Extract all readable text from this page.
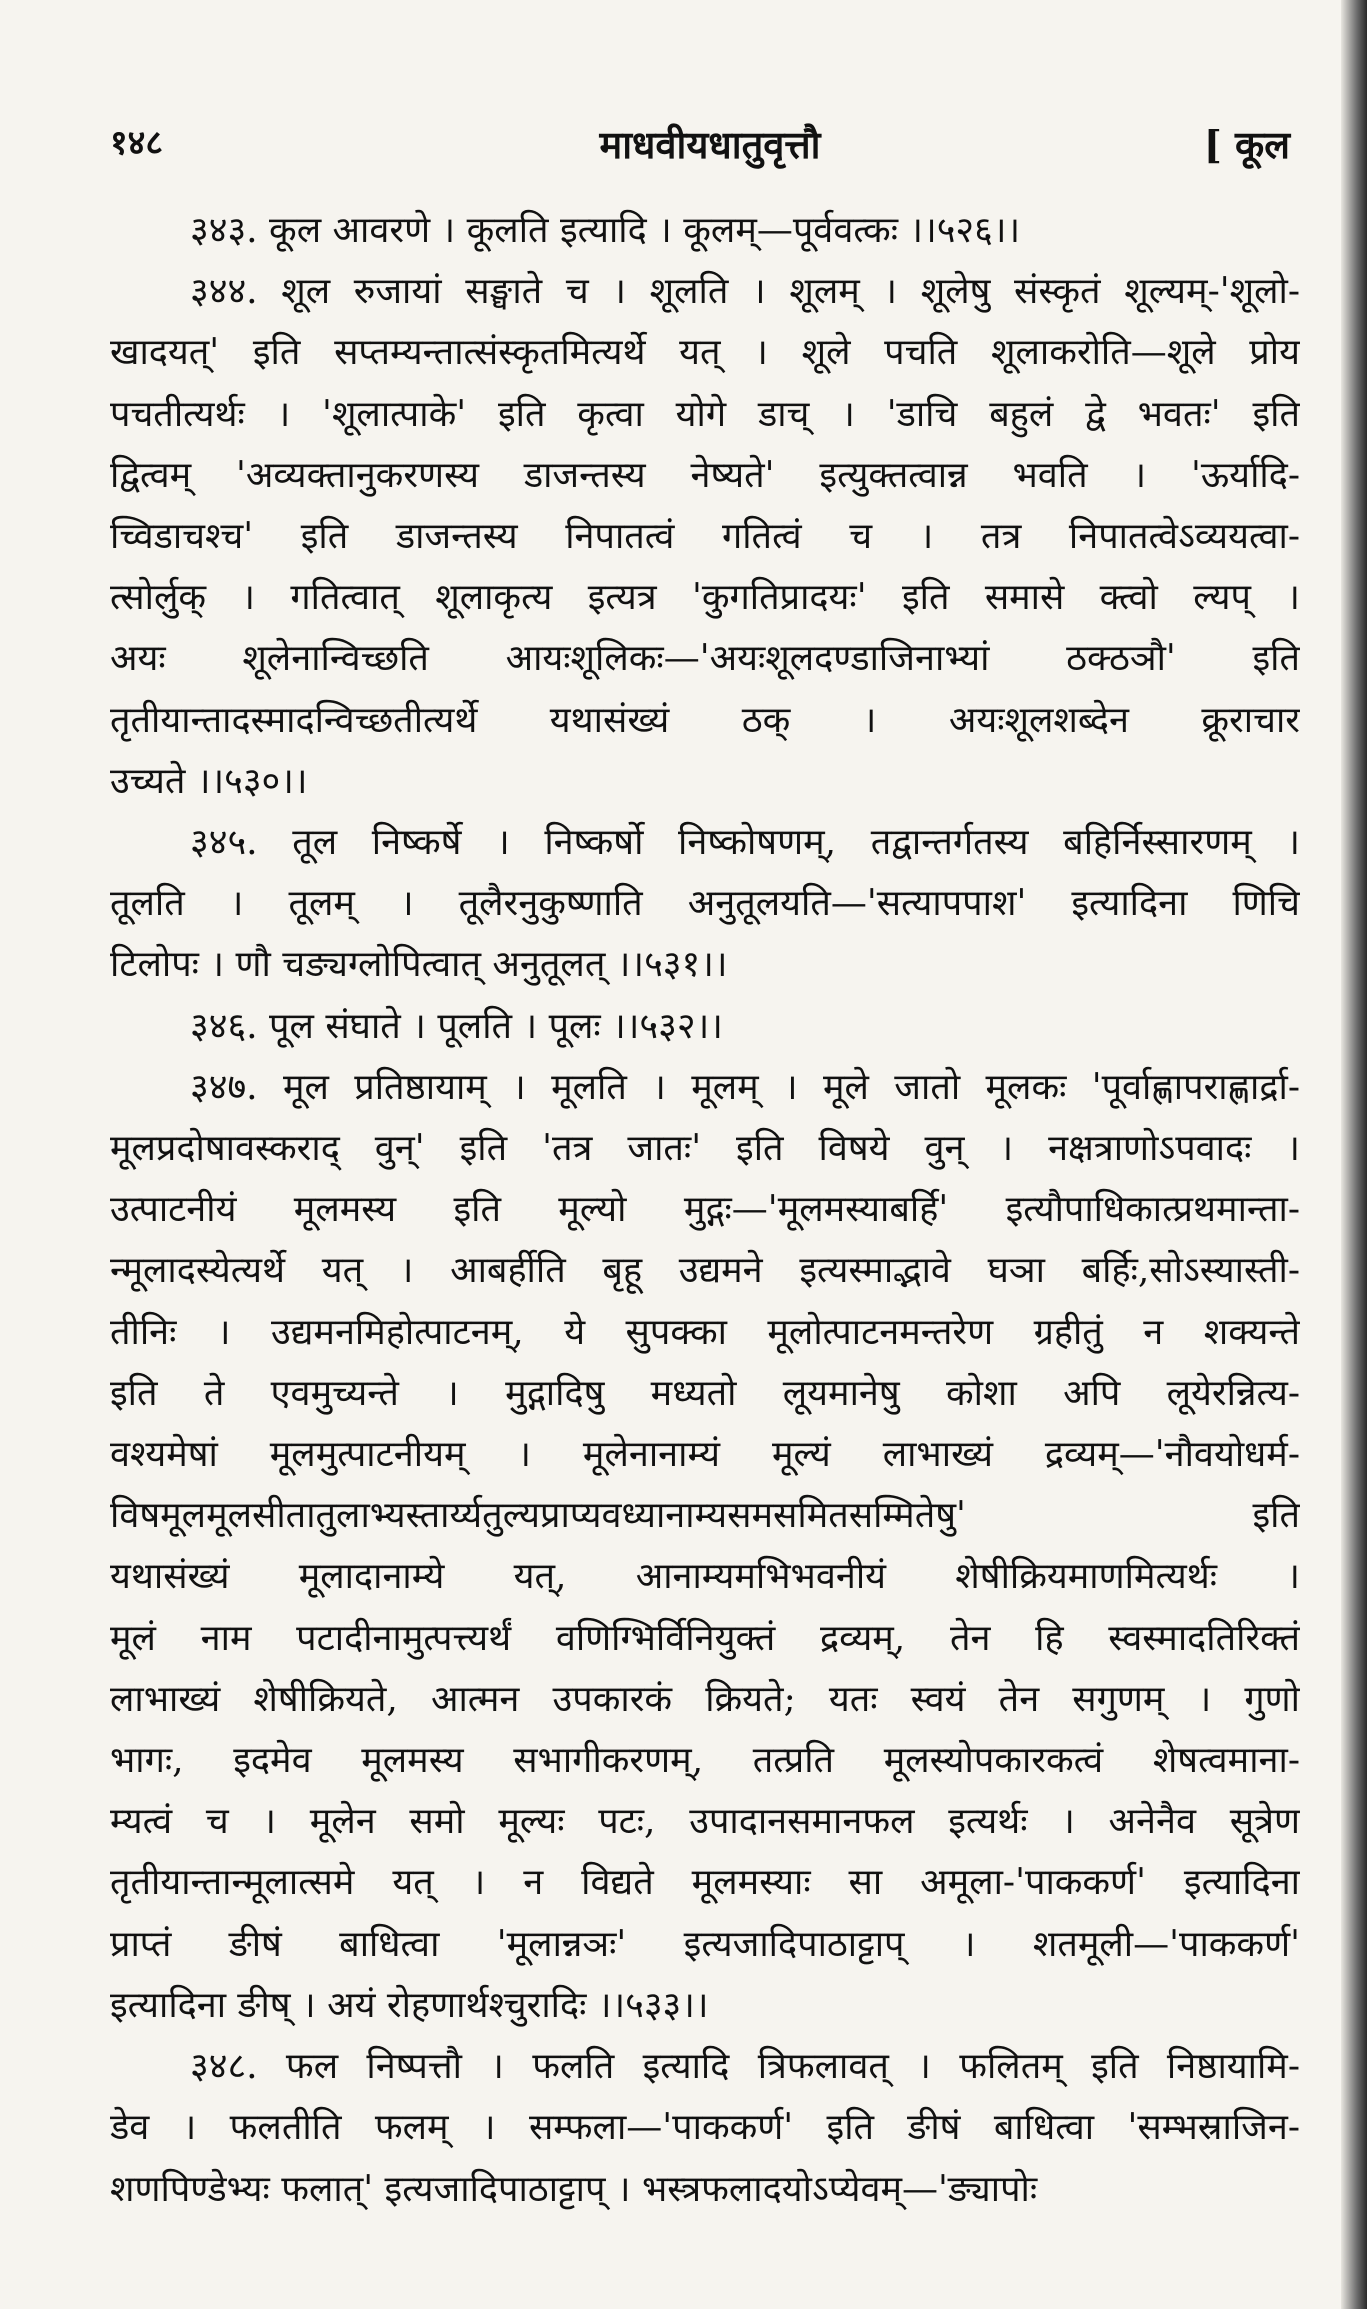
१४८	माधवीयधातुवृत्तौ	[ कूल
३४३. कूल आवरणे । कूलति इत्यादि । कूलम्—पूर्ववत्कः ।।५२६।।
३४४. शूल रुजायां सङ्घाते च । शूलति । शूलम् । शूलेषु संस्कृतं शूल्यम्-'शूलो-
खादयत्' इति सप्तम्यन्तात्संस्कृतमित्यर्थे यत् । शूले पचति शूलाकरोति—शूले प्रोय
पचतीत्यर्थः । 'शूलात्पाके' इति कृत्वा योगे डाच् । 'डाचि बहुलं द्वे भवतः' इति
द्वित्वम् 'अव्यक्तानुकरणस्य डाजन्तस्य नेष्यते' इत्युक्तत्वान्न भवति । 'ऊर्यादि-
च्विडाचश्च' इति डाजन्तस्य निपातत्वं गतित्वं च । तत्र निपातत्वेऽव्ययत्वा-
त्सोर्लुक् । गतित्वात् शूलाकृत्य इत्यत्र 'कुगतिप्रादयः' इति समासे क्त्वो ल्यप् ।
अयः शूलेनान्विच्छति आयःशूलिकः—'अयःशूलदण्डाजिनाभ्यां ठक्ठञौ' इति
तृतीयान्तादस्मादन्विच्छतीत्यर्थे यथासंख्यं ठक् । अयःशूलशब्देन क्रूराचार
उच्यते ।।५३०।।
३४५. तूल निष्कर्षे । निष्कर्षो निष्कोषणम्, तद्वान्तर्गतस्य बहिर्निस्सारणम् ।
तूलति । तूलम् । तूलैरनुकुष्णाति अनुतूलयति—'सत्यापपाश' इत्यादिना णिचि
टिलोपः । णौ चङ्यग्लोपित्वात् अनुतूलत् ।।५३१।।
३४६. पूल संघाते । पूलति । पूलः ।।५३२।।
३४७. मूल प्रतिष्ठायाम् । मूलति । मूलम् । मूले जातो मूलकः 'पूर्वाह्णापराह्णार्द्रा-
मूलप्रदोषावस्कराद् वुन्' इति 'तत्र जातः' इति विषये वुन् । नक्षत्राणोऽपवादः ।
उत्पाटनीयं मूलमस्य इति मूल्यो मुद्गः—'मूलमस्याबर्हि' इत्यौपाधिकात्प्रथमान्ता-
न्मूलादस्येत्यर्थे यत् । आबर्हीति बृहू उद्यमने इत्यस्माद्भावे घञा बर्हिः,सोऽस्यास्ती-
तीनिः । उद्यमनमिहोत्पाटनम्, ये सुपक्का मूलोत्पाटनमन्तरेण ग्रहीतुं न शक्यन्ते
इति ते एवमुच्यन्ते । मुद्गादिषु मध्यतो लूयमानेषु कोशा अपि लूयेरन्नित्य-
वश्यमेषां मूलमुत्पाटनीयम् । मूलेनानाम्यं मूल्यं लाभाख्यं द्रव्यम्—'नौवयोधर्म-
विषमूलमूलसीतातुलाभ्यस्तार्य्यतुल्यप्राप्यवध्यानाम्यसमसमितसम्मितेषु' इति
यथासंख्यं मूलादानाम्ये यत्, आनाम्यमभिभवनीयं शेषीक्रियमाणमित्यर्थः ।
मूलं नाम पटादीनामुत्पत्त्यर्थं वणिग्भिर्विनियुक्तं द्रव्यम्, तेन हि स्वस्मादतिरिक्तं
लाभाख्यं शेषीक्रियते, आत्मन उपकारकं क्रियते; यतः स्वयं तेन सगुणम् । गुणो
भागः, इदमेव मूलमस्य सभागीकरणम्, तत्प्रति मूलस्योपकारकत्वं शेषत्वमाना-
म्यत्वं च । मूलेन समो मूल्यः पटः, उपादानसमानफल इत्यर्थः । अनेनैव सूत्रेण
तृतीयान्तान्मूलात्समे यत् । न विद्यते मूलमस्याः सा अमूला-'पाककर्ण' इत्यादिना
प्राप्तं ङीषं बाधित्वा 'मूलान्नञः' इत्यजादिपाठाट्टाप् । शतमूली—'पाककर्ण'
इत्यादिना ङीष् । अयं रोहणार्थश्चुरादिः ।।५३३।।
३४८. फल निष्पत्तौ । फलति इत्यादि त्रिफलावत् । फलितम् इति निष्ठायामि-
डेव । फलतीति फलम् । सम्फला—'पाककर्ण' इति ङीषं बाधित्वा 'सम्भस्राजिन-
शणपिण्डेभ्यः फलात्' इत्यजादिपाठाट्टाप् । भस्त्रफलादयोऽप्येवम्—'ङ्यापोः
